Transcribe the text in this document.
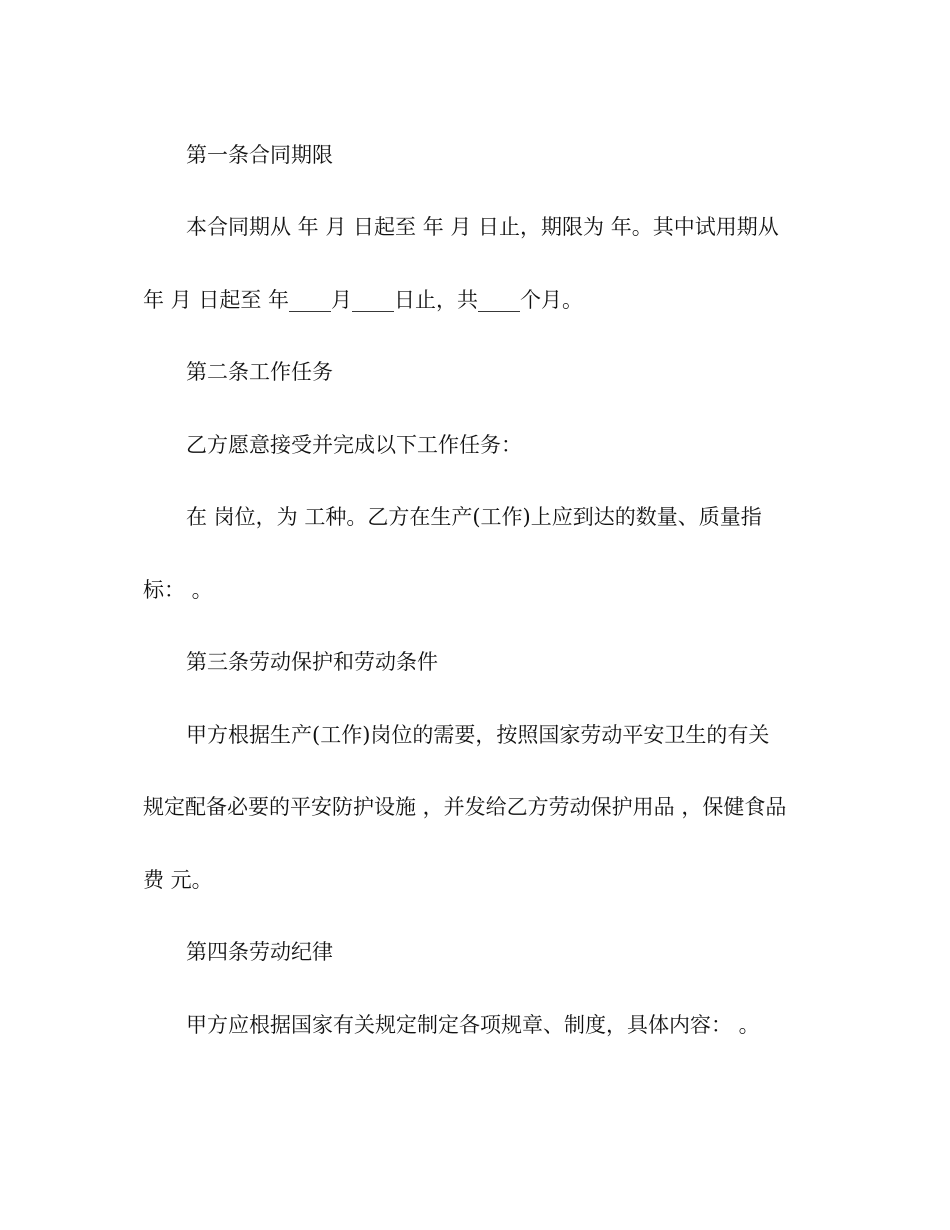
第一条合同期限
本合同期从 年 月 日起至 年 月 日止，期限为 年。其中试用期从
年 月 日起至 年____月____日止，共____个月。
第二条工作任务
乙方愿意接受并完成以下工作任务：
在 岗位，为 工种。乙方在生产(工作)上应到达的数量、质量指
标： 。
第三条劳动保护和劳动条件
甲方根据生产(工作)岗位的需要，按照国家劳动平安卫生的有关
规定配备必要的平安防护设施 ，并发给乙方劳动保护用品 ，保健食品
费 元。
第四条劳动纪律
甲方应根据国家有关规定制定各项规章、制度，具体内容： 。
